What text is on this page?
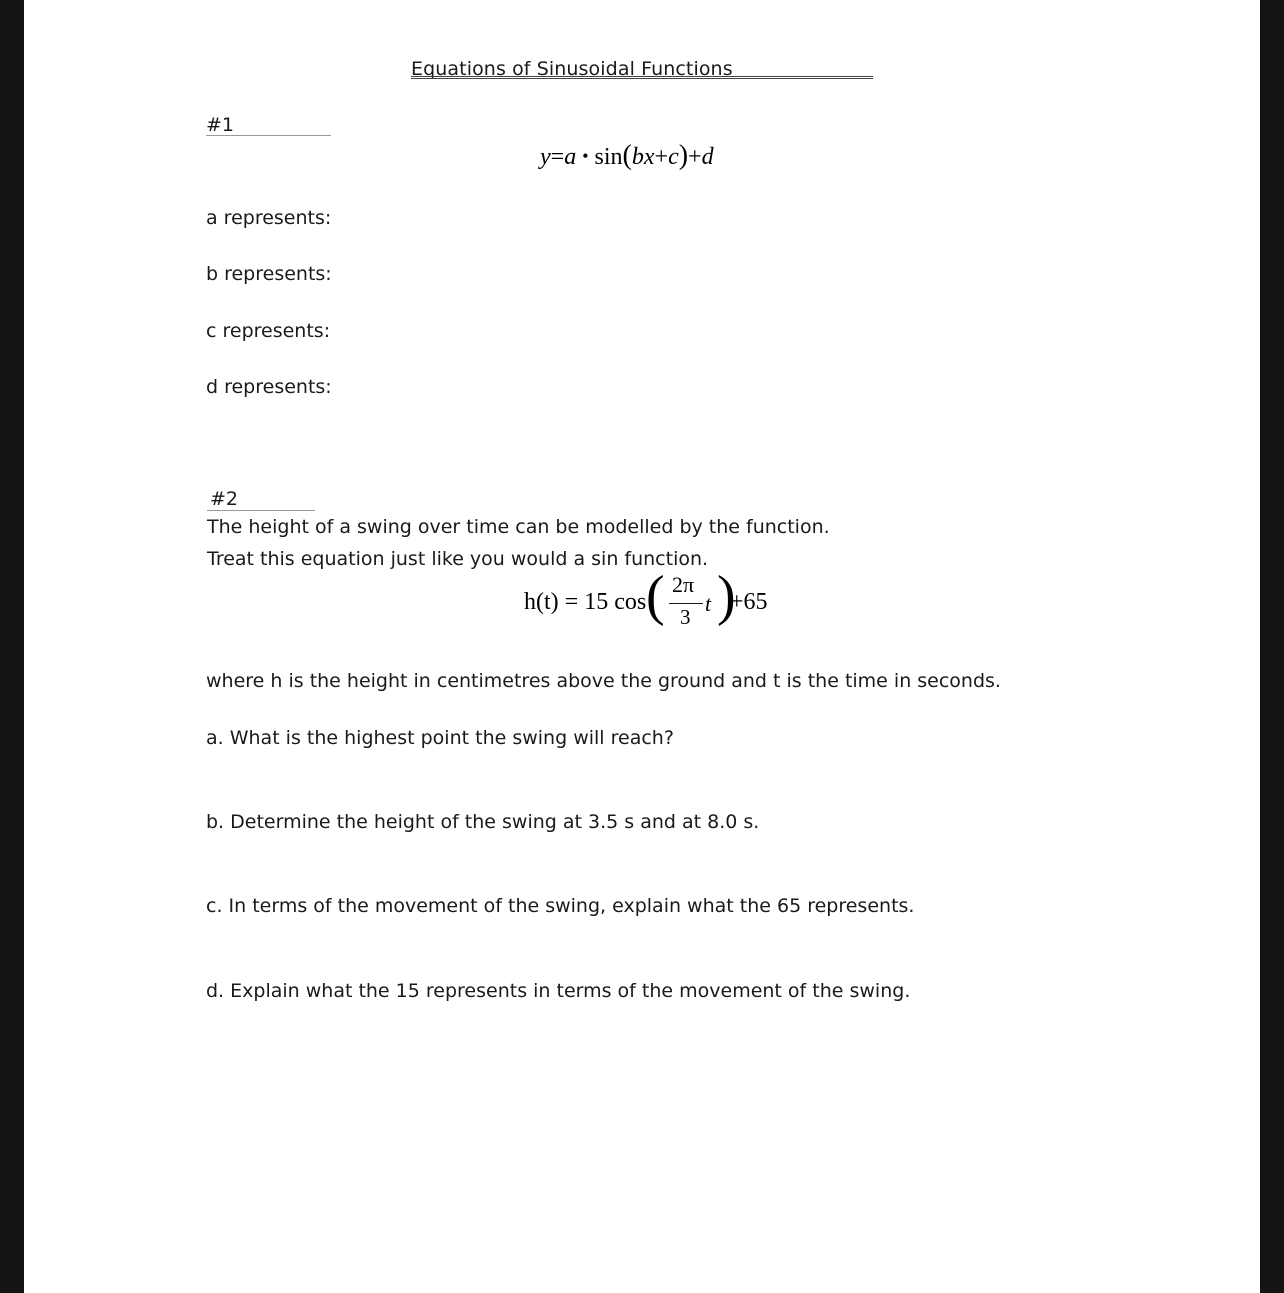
Equations of Sinusoidal Functions
#1
y=a • sin(bx+c)+d
a represents:
b represents:
c represents:
d represents:
#2
The height of a swing over time can be modelled by the function.
Treat this equation just like you would a sin function.
h(t) = 15 cos ( 2π
3
t )
+65
where h is the height in centimetres above the ground and t is the time in seconds.
a. What is the highest point the swing will reach?
b. Determine the height of the swing at 3.5 s and at 8.0 s.
c. In terms of the movement of the swing, explain what the 65 represents.
d. Explain what the 15 represents in terms of the movement of the swing.
